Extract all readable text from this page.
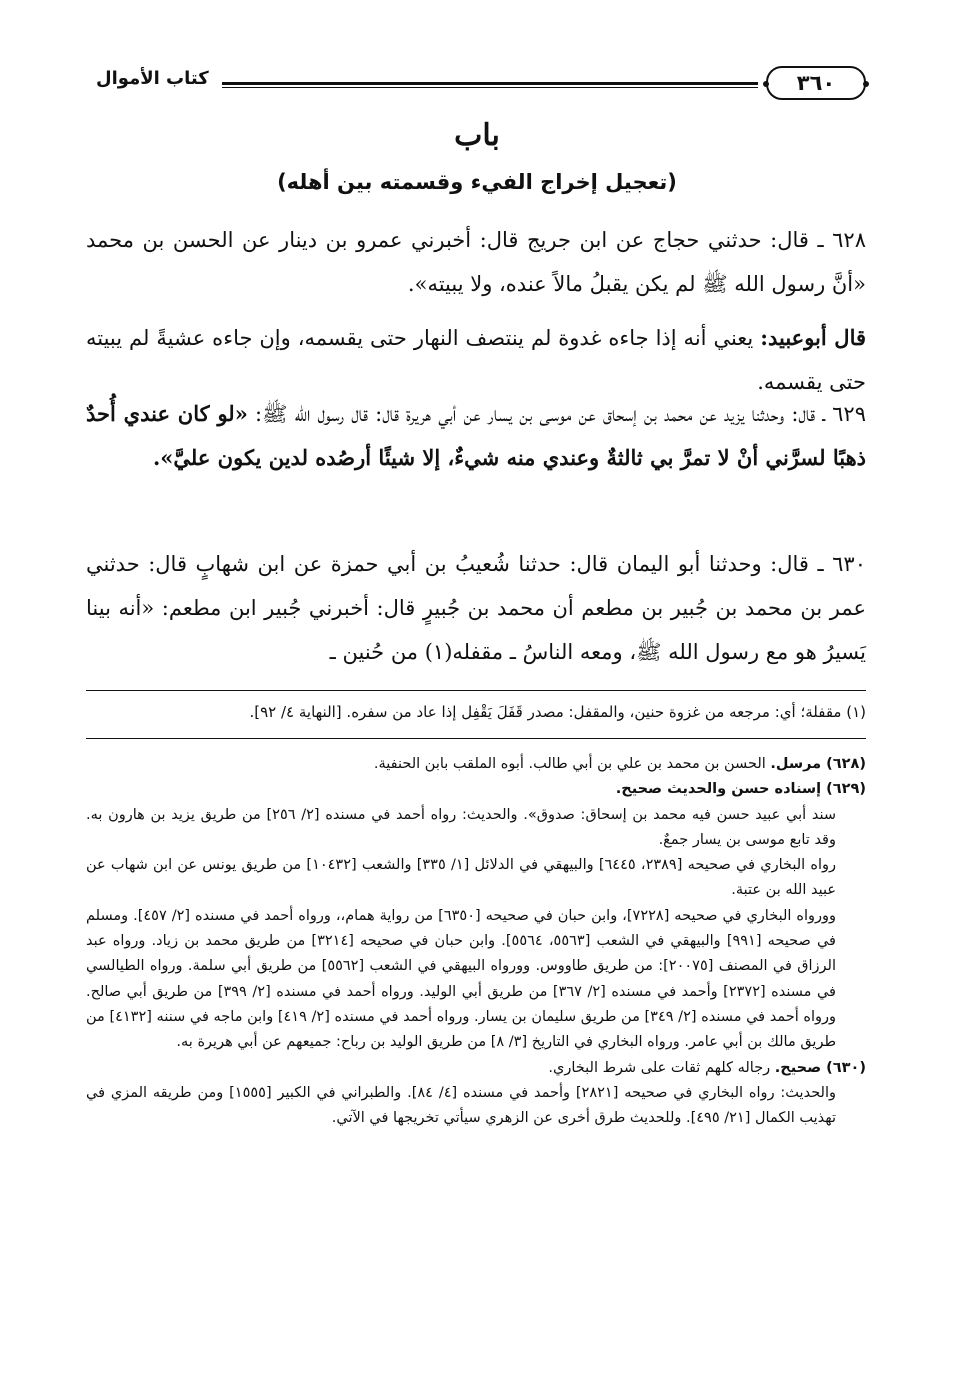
٣٦٠
كتاب الأموال
باب
(تعجيل إخراج الفيء وقسمته بين أهله)
٦٢٨ ـ قال: حدثني حجاج عن ابن جريج قال: أخبرني عمرو بن دينار عن الحسن بن محمد «أنَّ رسول الله ﷺ لم يكن يقبلُ مالاً عنده، ولا يبيته».
قال أبوعبيد: يعني أنه إذا جاءه غدوة لم ينتصف النهار حتى يقسمه، وإن جاءه عشيةً لم يبيته حتى يقسمه.
٦٢٩ ـ قال: وحدثنا يزيد عن محمد بن إسحاق عن موسى بن يسار عن أبي هريرة قال: قال رسول الله ﷺ: «لو كان عندي أُحدٌ ذهبًا لسرَّني أنْ لا تمرَّ بي ثالثةٌ وعندي منه شيءٌ، إلا شيئًا أرصُده لدين يكون عليَّ».
٦٣٠ ـ قال: وحدثنا أبو اليمان قال: حدثنا شُعيبُ بن أبي حمزة عن ابن شهابٍ قال: حدثني عمر بن محمد بن جُبير بن مطعم أن محمد بن جُبيرٍ قال: أخبرني جُبير ابن مطعم: «أنه بينا يَسيرُ هو مع رسول الله ﷺ، ومعه الناسُ ـ مقفله(١) من حُنين ـ
(١) مقفلة؛ أي: مرجعه من غزوة حنين، والمقفل: مصدر قَفَلَ يَقْفِل إذا عاد من سفره. [النهاية ٤/ ٩٢].

(٦٢٨) مرسل. الحسن بن محمد بن علي بن أبي طالب. أبوه الملقب بابن الحنفية.

(٦٢٩) إسناده حسن والحديث صحيح.

سند أبي عبيد حسن فيه محمد بن إسحاق: صدوق». والحديث: رواه أحمد في مسنده [٢/ ٢٥٦] من طريق يزيد بن هارون به. وقد تابع موسى بن يسار جمعٌ.

رواه البخاري في صحيحه [٢٣٨٩، ٦٤٤٥] والبيهقي في الدلائل [١/ ٣٣٥] والشعب [١٠٤٣٢] من طريق يونس عن ابن شهاب عن عبيد الله بن عتبة.

وورواه البخاري في صحيحه [٧٢٢٨]، وابن حبان في صحيحه [٦٣٥٠] من رواية همام،، ورواه أحمد في مسنده [٢/ ٤٥٧]. ومسلم في صحيحه [٩٩١] والبيهقي في الشعب [٥٥٦٣، ٥٥٦٤]. وابن حبان في صحيحه [٣٢١٤] من طريق محمد بن زياد. ورواه عبد الرزاق في المصنف [٢٠٠٧٥]: من طريق طاووس. وورواه البيهقي في الشعب [٥٥٦٢] من طريق أبي سلمة. ورواه الطيالسي في مسنده [٢٣٧٢] وأحمد في مسنده [٢/ ٣٦٧] من طريق أبي الوليد. ورواه أحمد في مسنده [٢/ ٣٩٩] من طريق أبي صالح. ورواه أحمد في مسنده [٢/ ٣٤٩] من طريق سليمان بن يسار. ورواه أحمد في مسنده [٢/ ٤١٩] وابن ماجه في سننه [٤١٣٢] من طريق مالك بن أبي عامر. ورواه البخاري في التاريخ [٣/ ٨] من طريق الوليد بن رباح: جميعهم عن أبي هريرة به.

(٦٣٠) صحيح. رجاله كلهم ثقات على شرط البخاري.

والحديث: رواه البخاري في صحيحه [٢٨٢١] وأحمد في مسنده [٤/ ٨٤]. والطبراني في الكبير [١٥٥٥] ومن طريقه المزي في تهذيب الكمال [٢١/ ٤٩٥]. وللحديث طرق أخرى عن الزهري سيأتي تخريجها في الآتي.
